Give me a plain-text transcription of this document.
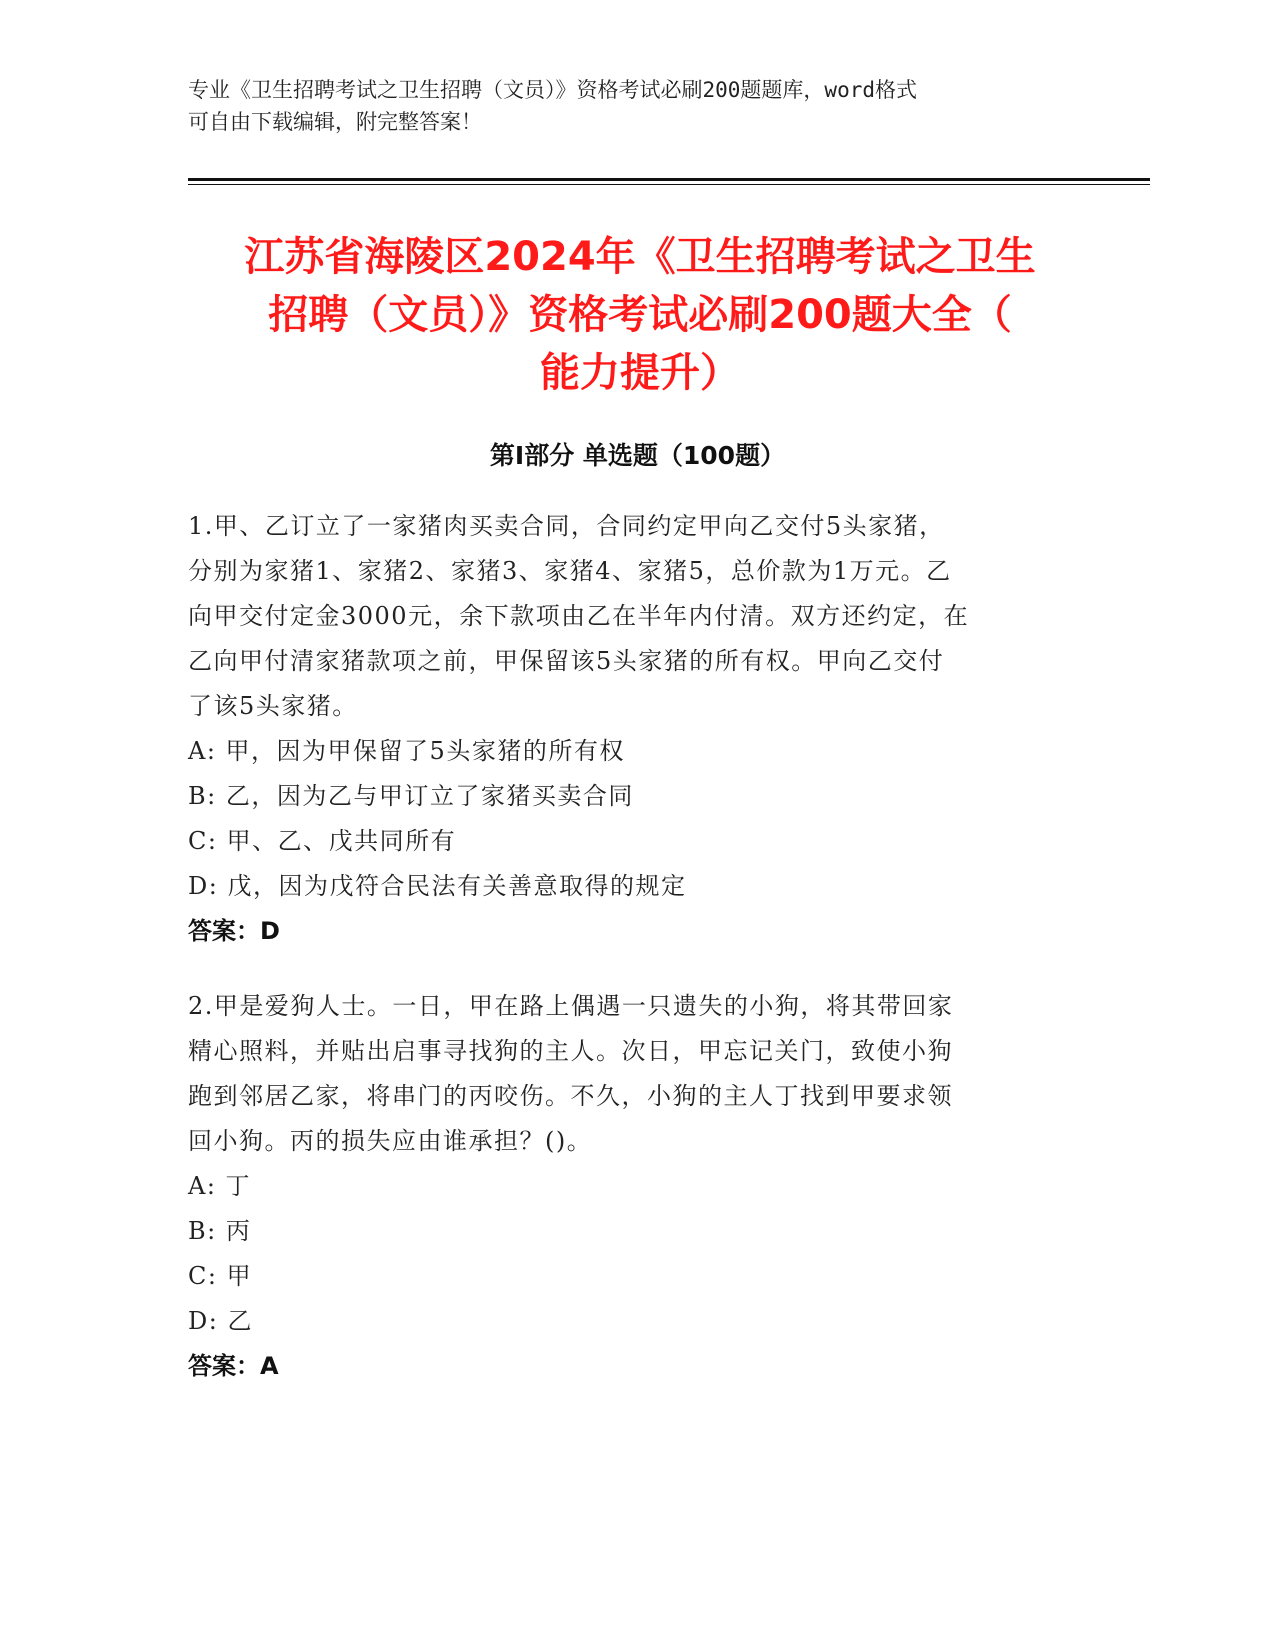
专业《卫生招聘考试之卫生招聘（文员）》资格考试必刷200题题库，word格式
可自由下载编辑，附完整答案！
江苏省海陵区2024年《卫生招聘考试之卫生
招聘（文员）》资格考试必刷200题大全（
能力提升）
第Ⅰ部分 单选题（100题）
1.甲、乙订立了一家猪肉买卖合同，合同约定甲向乙交付5头家猪，
分别为家猪1、家猪2、家猪3、家猪4、家猪5，总价款为1万元。乙
向甲交付定金3000元，余下款项由乙在半年内付清。双方还约定，在
乙向甲付清家猪款项之前，甲保留该5头家猪的所有权。甲向乙交付
了该5头家猪。
A: 甲，因为甲保留了5头家猪的所有权
B: 乙，因为乙与甲订立了家猪买卖合同
C: 甲、乙、戊共同所有
D: 戊，因为戊符合民法有关善意取得的规定
答案：D
2.甲是爱狗人士。一日，甲在路上偶遇一只遗失的小狗，将其带回家
精心照料，并贴出启事寻找狗的主人。次日，甲忘记关门，致使小狗
跑到邻居乙家，将串门的丙咬伤。不久，小狗的主人丁找到甲要求领
回小狗。丙的损失应由谁承担？()。
A: 丁
B: 丙
C: 甲
D: 乙
答案：A
